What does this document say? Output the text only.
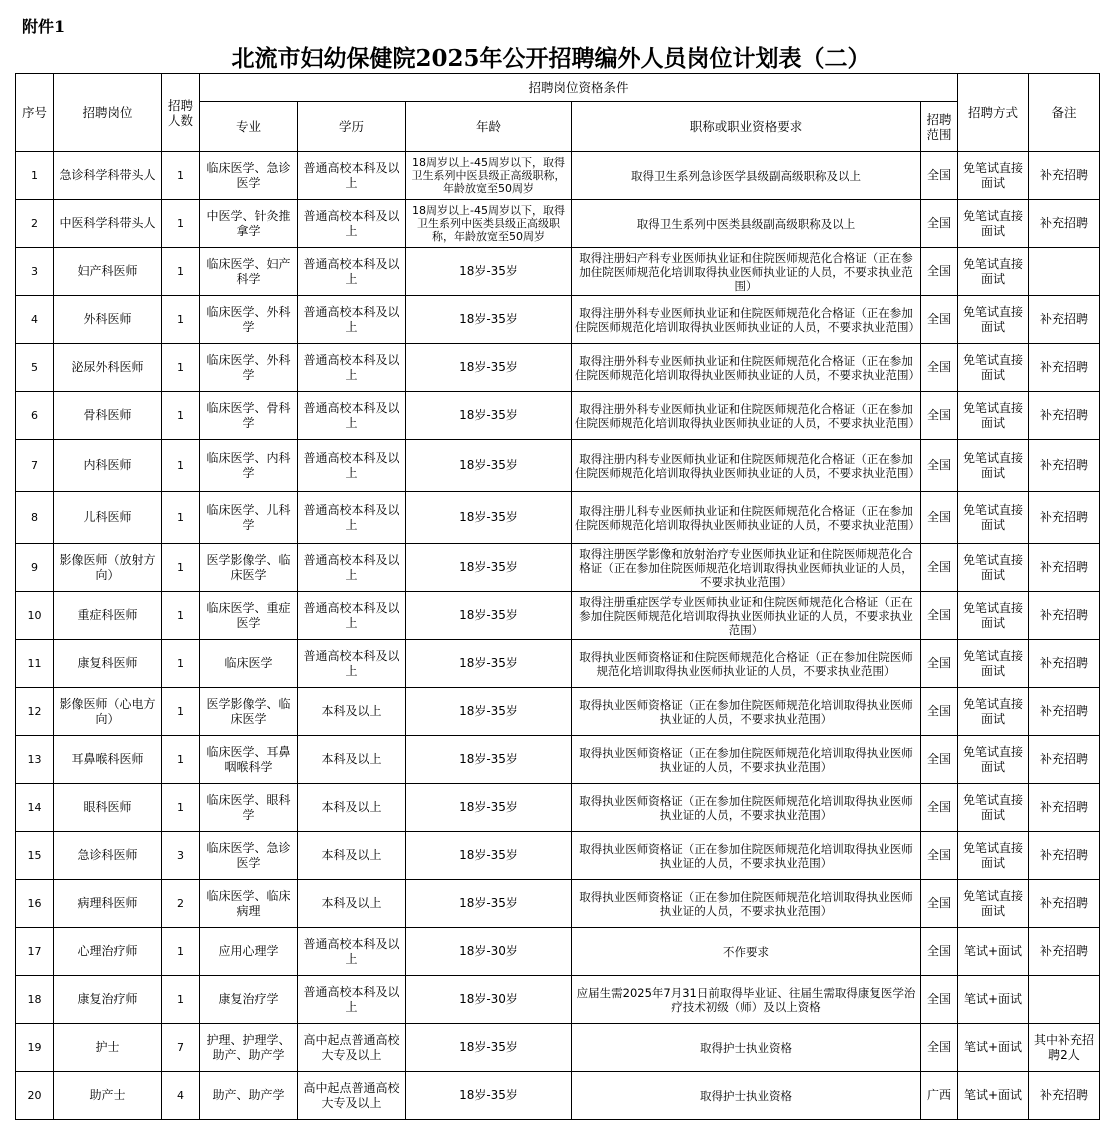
附件1
北流市妇幼保健院2025年公开招聘编外人员岗位计划表（二）
序号	招聘岗位	招聘人数	招聘岗位资格条件					招聘方式	备注
			专业	学历	年龄	职称或职业资格要求	招聘范围		
1	急诊科学科带头人	1	临床医学、急诊医学	普通高校本科及以上	18周岁以上-45周岁以下，取得卫生系列中医县级正高级职称，年龄放宽至50周岁	取得卫生系列急诊医学县级副高级职称及以上	全国	免笔试直接面试	补充招聘
2	中医科学科带头人	1	中医学、针灸推拿学	普通高校本科及以上	18周岁以上-45周岁以下，取得卫生系列中医类县级正高级职称，年龄放宽至50周岁	取得卫生系列中医类县级副高级职称及以上	全国	免笔试直接面试	补充招聘
3	妇产科医师	1	临床医学、妇产科学	普通高校本科及以上	18岁-35岁	取得注册妇产科专业医师执业证和住院医师规范化合格证（正在参加住院医师规范化培训取得执业医师执业证的人员，不要求执业范围）	全国	免笔试直接面试	
4	外科医师	1	临床医学、外科学	普通高校本科及以上	18岁-35岁	取得注册外科专业医师执业证和住院医师规范化合格证（正在参加住院医师规范化培训取得执业医师执业证的人员，不要求执业范围）	全国	免笔试直接面试	补充招聘
5	泌尿外科医师	1	临床医学、外科学	普通高校本科及以上	18岁-35岁	取得注册外科专业医师执业证和住院医师规范化合格证（正在参加住院医师规范化培训取得执业医师执业证的人员，不要求执业范围）	全国	免笔试直接面试	补充招聘
6	骨科医师	1	临床医学、骨科学	普通高校本科及以上	18岁-35岁	取得注册外科专业医师执业证和住院医师规范化合格证（正在参加住院医师规范化培训取得执业医师执业证的人员，不要求执业范围）	全国	免笔试直接面试	补充招聘
7	内科医师	1	临床医学、内科学	普通高校本科及以上	18岁-35岁	取得注册内科专业医师执业证和住院医师规范化合格证（正在参加住院医师规范化培训取得执业医师执业证的人员，不要求执业范围）	全国	免笔试直接面试	补充招聘
8	儿科医师	1	临床医学、儿科学	普通高校本科及以上	18岁-35岁	取得注册儿科专业医师执业证和住院医师规范化合格证（正在参加住院医师规范化培训取得执业医师执业证的人员，不要求执业范围）	全国	免笔试直接面试	补充招聘
9	影像医师（放射方向）	1	医学影像学、临床医学	普通高校本科及以上	18岁-35岁	取得注册医学影像和放射治疗专业医师执业证和住院医师规范化合格证（正在参加住院医师规范化培训取得执业医师执业证的人员，不要求执业范围）	全国	免笔试直接面试	补充招聘
10	重症科医师	1	临床医学、重症医学	普通高校本科及以上	18岁-35岁	取得注册重症医学专业医师执业证和住院医师规范化合格证（正在参加住院医师规范化培训取得执业医师执业证的人员，不要求执业范围）	全国	免笔试直接面试	补充招聘
11	康复科医师	1	临床医学	普通高校本科及以上	18岁-35岁	取得执业医师资格证和住院医师规范化合格证（正在参加住院医师规范化培训取得执业医师执业证的人员，不要求执业范围）	全国	免笔试直接面试	补充招聘
12	影像医师（心电方向）	1	医学影像学、临床医学	本科及以上	18岁-35岁	取得执业医师资格证（正在参加住院医师规范化培训取得执业医师执业证的人员，不要求执业范围）	全国	免笔试直接面试	补充招聘
13	耳鼻喉科医师	1	临床医学、耳鼻咽喉科学	本科及以上	18岁-35岁	取得执业医师资格证（正在参加住院医师规范化培训取得执业医师执业证的人员，不要求执业范围）	全国	免笔试直接面试	补充招聘
14	眼科医师	1	临床医学、眼科学	本科及以上	18岁-35岁	取得执业医师资格证（正在参加住院医师规范化培训取得执业医师执业证的人员，不要求执业范围）	全国	免笔试直接面试	补充招聘
15	急诊科医师	3	临床医学、急诊医学	本科及以上	18岁-35岁	取得执业医师资格证（正在参加住院医师规范化培训取得执业医师执业证的人员，不要求执业范围）	全国	免笔试直接面试	补充招聘
16	病理科医师	2	临床医学、临床病理	本科及以上	18岁-35岁	取得执业医师资格证（正在参加住院医师规范化培训取得执业医师执业证的人员，不要求执业范围）	全国	免笔试直接面试	补充招聘
17	心理治疗师	1	应用心理学	普通高校本科及以上	18岁-30岁	不作要求	全国	笔试+面试	补充招聘
18	康复治疗师	1	康复治疗学	普通高校本科及以上	18岁-30岁	应届生需2025年7月31日前取得毕业证、往届生需取得康复医学治疗技术初级（师）及以上资格	全国	笔试+面试	
19	护士	7	护理、护理学、助产、助产学	高中起点普通高校大专及以上	18岁-35岁	取得护士执业资格	全国	笔试+面试	其中补充招聘2人
20	助产士	4	助产、助产学	高中起点普通高校大专及以上	18岁-35岁	取得护士执业资格	广西	笔试+面试	补充招聘
